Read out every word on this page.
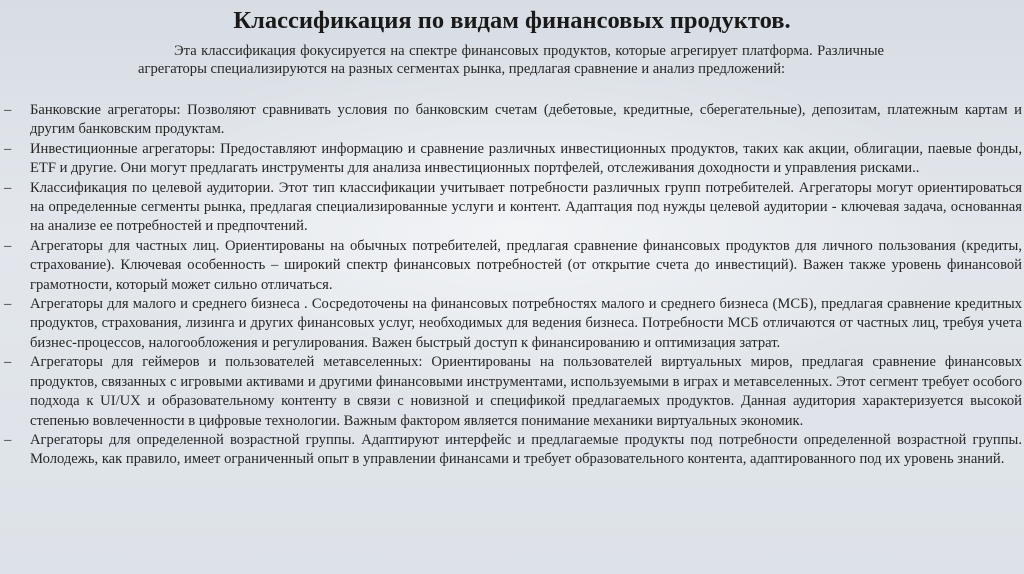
Классификация по видам финансовых продуктов.
Эта классификация фокусируется на спектре финансовых продуктов, которые агрегирует платформа. Различные агрегаторы специализируются на разных сегментах рынка, предлагая сравнение и анализ предложений:
–	Банковские агрегаторы: Позволяют сравнивать условия по банковским счетам (дебетовые, кредитные, сберегательные), депозитам, платежным картам и другим банковским продуктам.
–	Инвестиционные агрегаторы: Предоставляют информацию и сравнение различных инвестиционных продуктов, таких как акции, облигации, паевые фонды, ETF и другие. Они могут предлагать инструменты для анализа инвестиционных портфелей, отслеживания доходности и управления рисками..
–	Классификация по целевой аудитории. Этот тип классификации учитывает потребности различных групп потребителей. Агрегаторы могут ориентироваться на определенные сегменты рынка, предлагая специализированные услуги и контент. Адаптация под нужды целевой аудитории - ключевая задача, основанная на анализе ее потребностей и предпочтений.
–	Агрегаторы для частных лиц. Ориентированы на обычных потребителей, предлагая сравнение финансовых продуктов для личного пользования (кредиты, страхование). Ключевая особенность – широкий спектр финансовых потребностей (от открытие счета до инвестиций). Важен также уровень финансовой грамотности, который может сильно отличаться.
–	Агрегаторы для малого и среднего бизнеса . Сосредоточены на финансовых потребностях малого и среднего бизнеса (МСБ), предлагая сравнение кредитных продуктов, страхования, лизинга и других финансовых услуг, необходимых для ведения бизнеса. Потребности МСБ отличаются от частных лиц, требуя учета бизнес-процессов, налогообложения и регулирования. Важен быстрый доступ к финансированию и оптимизация затрат.
–	Агрегаторы для геймеров и пользователей метавселенных: Ориентированы на пользователей виртуальных миров, предлагая сравнение финансовых продуктов, связанных с игровыми активами и другими финансовыми инструментами, используемыми в играх и метавселенных. Этот сегмент требует особого подхода к UI/UX и образовательному контенту в связи с новизной и спецификой предлагаемых продуктов. Данная аудитория характеризуется высокой степенью вовлеченности в цифровые технологии. Важным фактором является понимание механики виртуальных экономик.
–	Агрегаторы для определенной возрастной группы. Адаптируют интерфейс и предлагаемые продукты под потребности определенной возрастной группы. Молодежь, как правило, имеет ограниченный опыт в управлении финансами и требует образовательного контента, адаптированного под их уровень знаний.
